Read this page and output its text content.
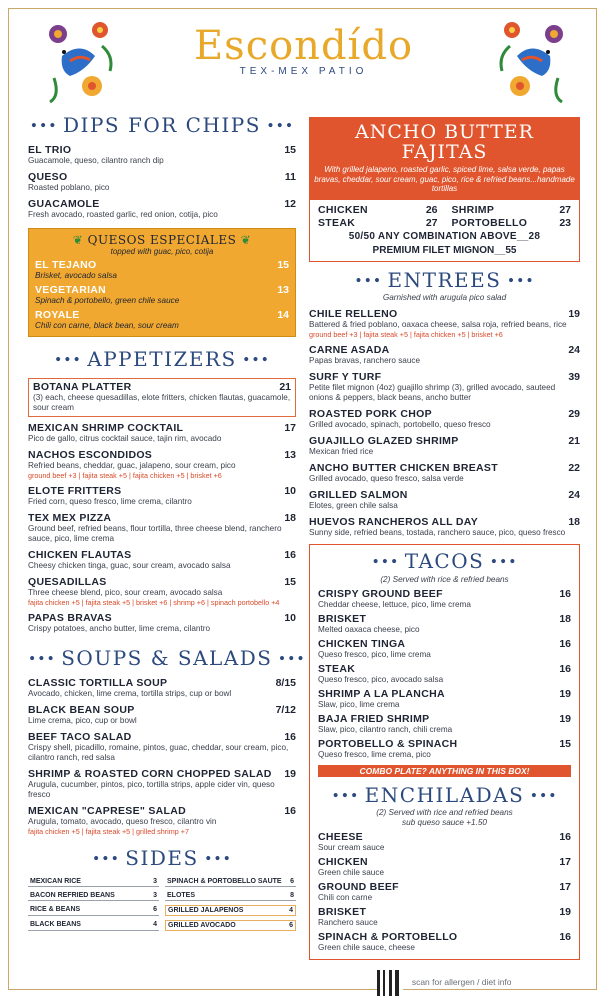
Escondído
TEX-MEX PATIO
••• DIPS FOR CHIPS •••
EL TRIO	15
Guacamole, queso, cilantro ranch dip
QUESO	11
Roasted poblano, pico
GUACAMOLE	12
Fresh avocado, roasted garlic, red onion, cotija, pico
❦ QUESOS ESPECIALES ❦
topped with guac, pico, cotija
EL TEJANO	15
Brisket, avocado salsa
VEGETARIAN	13
Spinach & portobello, green chile sauce
ROYALE	14
Chili con carne, black bean, sour cream
••• APPETIZERS •••
BOTANA PLATTER	21
(3) each, cheese quesadillas, elote fritters, chicken flautas, guacamole, sour cream
MEXICAN SHRIMP COCKTAIL	17
Pico de gallo, citrus cocktail sauce, tajin rim, avocado
NACHOS ESCONDIDOS	13
Refried beans, cheddar, guac, jalapeno, sour cream, pico
ground beef +3 | fajita steak +5 | fajita chicken +5 | brisket +6
ELOTE FRITTERS	10
Fried corn, queso fresco, lime crema, cilantro
TEX MEX PIZZA	18
Ground beef, refried beans, flour tortilla, three cheese blend, ranchero sauce, pico, lime crema
CHICKEN FLAUTAS	16
Cheesy chicken tinga, guac, sour cream, avocado salsa
QUESADILLAS	15
Three cheese blend, pico, sour cream, avocado salsa
fajita chicken +5 | fajita steak +5 | brisket +6 | shrimp +6 | spinach portobello +4
PAPAS BRAVAS	10
Crispy potatoes, ancho butter, lime crema, cilantro
••• SOUPS & SALADS •••
CLASSIC TORTILLA SOUP	8/15
Avocado, chicken, lime crema, tortilla strips, cup or bowl
BLACK BEAN SOUP	7/12
Lime crema, pico, cup or bowl
BEEF TACO SALAD	16
Crispy shell, picadillo, romaine, pintos, guac, cheddar, sour cream, pico, cilantro ranch, red salsa
SHRIMP & ROASTED CORN CHOPPED SALAD 19
Arugula, cucumber, pintos, pico, tortilla strips, apple cider vin, queso fresco
MEXICAN "CAPRESE" SALAD	16
Arugula, tomato, avocado, queso fresco, cilantro vin
fajita chicken +5 | fajita steak +5 | grilled shrimp +7
••• SIDES •••
MEXICAN RICE	3 SPINACH & PORTOBELLO SAUTE 6
BACON REFRIED BEANS	3 ELOTES	8
RICE & BEANS	6 GRILLED JALAPENOS	4
BLACK BEANS	4 GRILLED AVOCADO	6
ANCHO BUTTER
FAJITAS
With grilled jalapeno, roasted garlic, spiced lime, salsa verde, papas bravas, cheddar, sour cream, guac, pico, rice & refried beans...handmade tortillas
CHICKEN	26 SHRIMP	27
STEAK	27 PORTOBELLO	23
50/50 ANY COMBINATION ABOVE__28
PREMIUM FILET MIGNON__55
••• ENTREES •••
Garnished with arugula pico salad
CHILE RELLENO	19
Battered & fried poblano, oaxaca cheese, salsa roja, refried beans, rice
ground beef +3 | fajita steak +5 | fajita chicken +5 | brisket +6
CARNE ASADA	24
Papas bravas, ranchero sauce
SURF Y TURF	39
Petite filet mignon (4oz) guajillo shrimp (3), grilled avocado, sauteed onions & peppers, black beans, ancho butter
ROASTED PORK CHOP	29
Grilled avocado, spinach, portobello, queso fresco
GUAJILLO GLAZED SHRIMP	21
Mexican fried rice
ANCHO BUTTER CHICKEN BREAST	22
Grilled avocado, queso fresco, salsa verde
GRILLED SALMON	24
Elotes, green chile salsa
HUEVOS RANCHEROS ALL DAY	18
Sunny side, refried beans, tostada, ranchero sauce, pico, queso fresco
••• TACOS •••
(2) Served with rice & refried beans
CRISPY GROUND BEEF	16
Cheddar cheese, lettuce, pico, lime crema
BRISKET	18
Melted oaxaca cheese, pico
CHICKEN TINGA	16
Queso fresco, pico, lime crema
STEAK	16
Queso fresco, pico, avocado salsa
SHRIMP A LA PLANCHA	19
Slaw, pico, lime crema
BAJA FRIED SHRIMP	19
Slaw, pico, cilantro ranch, chili crema
PORTOBELLO & SPINACH	15
Queso fresco, lime crema, pico
COMBO PLATE? ANYTHING IN THIS BOX!
••• ENCHILADAS •••
(2) Served with rice and refried beans
sub queso sauce +1.50
CHEESE	16
Sour cream sauce
CHICKEN	17
Green chile sauce
GROUND BEEF	17
Chili con carne
BRISKET	19
Ranchero sauce
SPINACH & PORTOBELLO	16
Green chile sauce, cheese
scan for allergen / diet info
